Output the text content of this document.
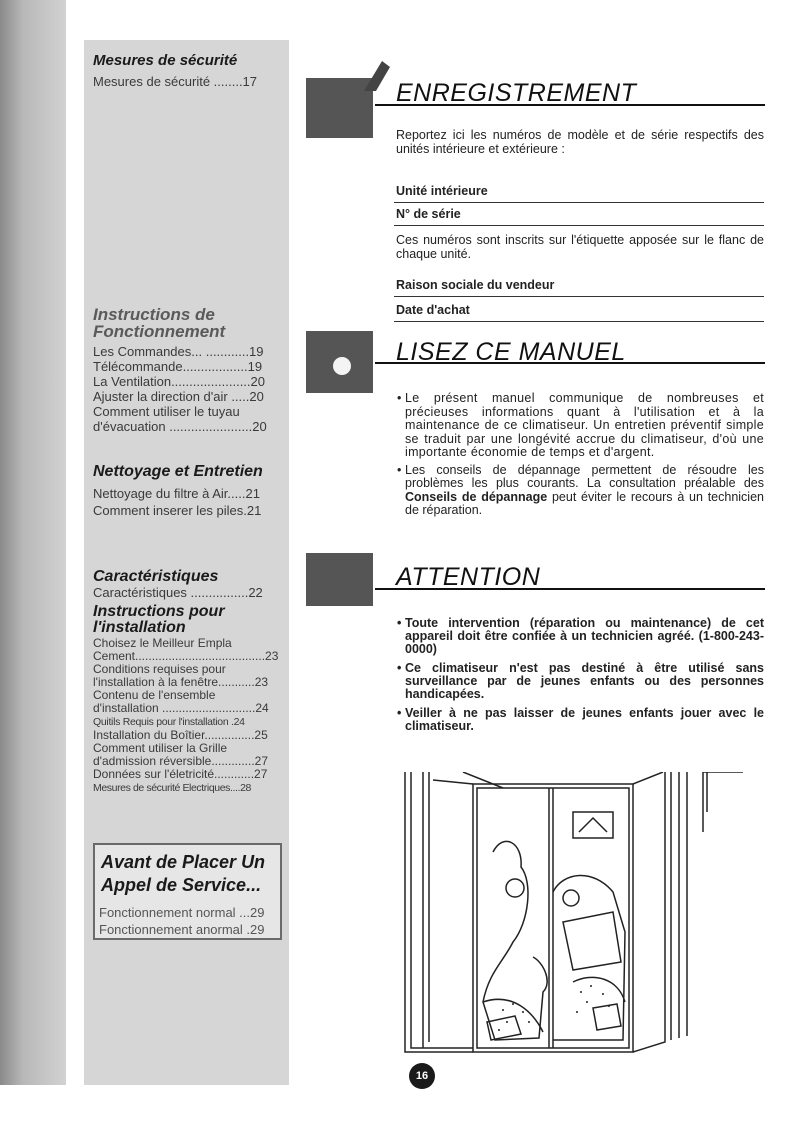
Mesures de sécurité
Mesures de sécurité ........17
Instructions de
Fonctionnement
Les Commandes... ............19
Télécommande..................19
La Ventilation......................20
Ajuster la direction d'air .....20
Comment utiliser le tuyau
d'évacuation .......................20
Nettoyage et Entretien
Nettoyage du filtre à Air.....21
Comment inserer les piles.21
Caractéristiques
Caractéristiques ................22
Instructions pour
l'installation
Choisez le Meilleur Empla
Cement.......................................23
Conditions requises pour
l'installation à la fenêtre...........23
Contenu de l'ensemble
d'installation ............................24
Quitils Requis pour l'installation .24
Installation du Boîtier...............25
Comment utiliser la Grille
d'admission réversible.............27
Données sur l'életricité............27
Mesures de sécurité Electriques....28
Avant de Placer Un
Appel de Service...
Fonctionnement normal ...29
Fonctionnement anormal .29
ENREGISTREMENT
LISEZ CE MANUEL
ATTENTION
Reportez ici les numéros de modèle et de série respectifs des unités intérieure et extérieure :
Unité intérieure
N° de série
Ces numéros sont inscrits sur l'étiquette apposée sur le flanc de chaque unité.
Raison sociale du vendeur
Date d'achat
• Le présent manuel communique de nombreuses et précieuses informations quant à l'utilisation et à la maintenance de ce climatiseur. Un entretien préventif simple se traduit par une longévité accrue du climatiseur, d'où une importante économie de temps et d'argent.
• Les conseils de dépannage permettent de résoudre les problèmes les plus courants. La consultation préalable des Conseils de dépannage peut éviter le recours à un technicien de réparation.
• Toute intervention (réparation ou maintenance) de cet appareil doit être confiée à un technicien agréé. (1-800-243-0000)
• Ce climatiseur n'est pas destiné à être utilisé sans surveillance par de jeunes enfants ou des personnes handicapées.
• Veiller à ne pas laisser de jeunes enfants jouer avec le climatiseur.
16
